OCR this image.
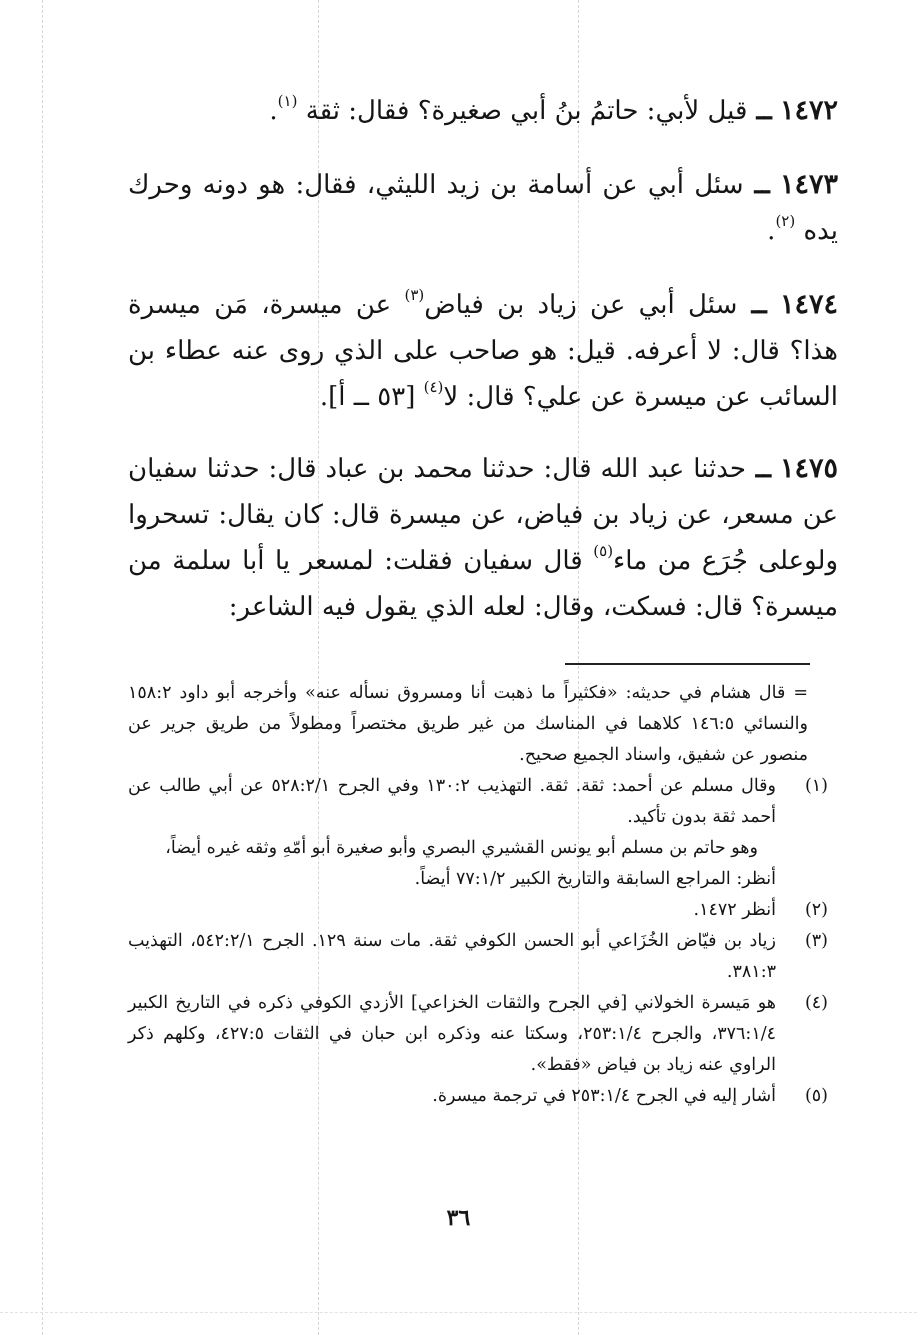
١٤٧٢ ــ قيل لأبي: حاتمُ بنُ أبي صغيرة؟ فقال: ثقة $^{(١)}$.

١٤٧٣ ــ سئل أبي عن أسامة بن زيد الليثي، فقال: هو دونه وحرك يده $^{(٢)}$.

١٤٧٤ ــ سئل أبي عن زياد بن فياض$^{(٣)}$ عن ميسرة، مَن ميسرة هذا؟ قال: لا أعرفه. قيل: هو صاحب على الذي روى عنه عطاء بن السائب عن ميسرة عن علي؟ قال: لا$^{(٤)}$ [٥٣ ــ أ].

١٤٧٥ ــ حدثنا عبد الله قال: حدثنا محمد بن عباد قال: حدثنا سفيان عن مسعر، عن زياد بن فياض، عن ميسرة قال: كان يقال: تسحروا ولوعلى جُرَع من ماء$^{(٥)}$ قال سفيان فقلت: لمسعر يا أبا سلمة من ميسرة؟ قال: فسكت، وقال: لعله الذي يقول فيه الشاعر:

= قال هشام في حديثه: «فكثيراً ما ذهبت أنا ومسروق نسأله عنه» وأخرجه أبو داود ١٥٨:٢ والنسائي ١٤٦:٥ كلاهما في المناسك من غير طريق مختصراً ومطولاً من طريق جرير عن منصور عن شفيق، واسناد الجميع صحيح.
(١)
وقال مسلم عن أحمد: ثقة. ثقة. التهذيب ١٣٠:٢ وفي الجرح ٥٢٨:٢/١ عن أبي طالب عن أحمد ثقة بدون تأكيد.
وهو حاتم بن مسلم أبو يونس القشيري البصري وأبو صغيرة أبو أمّهِ وثقه غيره أيضاً،
أنظر: المراجع السابقة والتاريخ الكبير ٧٧:١/٢ أيضاً.
(٢)
أنظر ١٤٧٢.
(٣)
زياد بن فيّاض الخُزَاعي أبو الحسن الكوفي ثقة. مات سنة ١٢٩. الجرح ٥٤٢:٢/١، التهذيب ٣٨١:٣.
(٤)
هو مَيسرة الخولاني [في الجرح والثقات الخزاعي] الأزدي الكوفي ذكره في التاريخ الكبير ٣٧٦:١/٤، والجرح ٢٥٣:١/٤، وسكتا عنه وذكره ابن حبان في الثقات ٤٢٧:٥، وكلهم ذكر الراوي عنه زياد بن فياض «فقط».
(٥)
أشار إليه في الجرح ٢٥٣:١/٤ في ترجمة ميسرة.
٣٦
